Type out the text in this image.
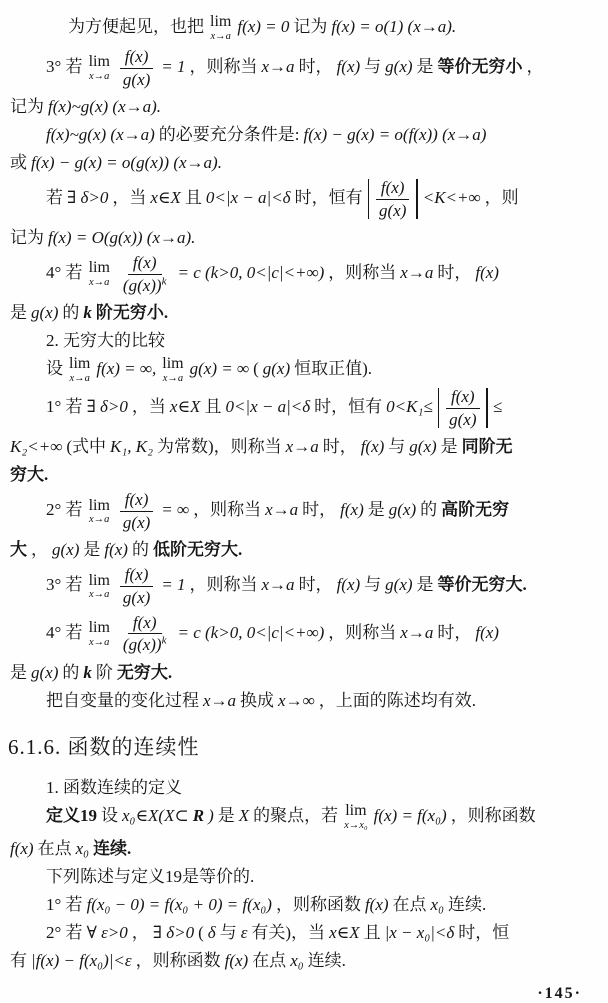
为方便起见，也把 lim
x→a
f(x) = 0 记为 f(x) = o(1) (x→a).
3° 若 lim
$x\to a \frac{f(x)}{g(x)} = 1$ ，则称当 x→a 时， f(x) 与 g(x) 是 等价无穷小 ，
记为 f(x)~g(x) (x→a).
f(x)~g(x) (x→a) 的必要充分条件是: f(x) − g(x) = o(f(x)) (x→a)
或 f(x) − g(x) = o(g(x)) (x→a).
若 ∃ δ>0 ，当 x∈X 且 0<|x − a|<δ 时，恒有 $\frac{f(x)}{g(x)} <K<+\infty$ ，则
记为 f(x) = O(g(x)) (x→a).
4° 若 lim
$x\to a \frac{f(x)}{(g(x))^k} = c$ (k>0, 0<|c|<+∞) ，则称当 x→a 时， f(x)
是 g(x) 的 k 阶无穷小.
2. 无穷大的比较
设 lim
x→a
f(x) = ∞, lim
x→a
g(x) = ∞ ( g(x) 恒取正值).
1° 若 ∃ δ>0 ，当 x∈X 且 0<|x − a|<δ 时，恒有 $0<K_1\le \frac{f(x)}{g(x)}$ ≤
K₂<+∞ (式中 K₁, K₂ 为常数)，则称当 x→a 时， f(x) 与 g(x) 是 同阶无
穷大.
2° 若 lim
$x\to a \frac{f(x)}{g(x)}$ = ∞ ，则称当 x→a 时， f(x) 是 g(x) 的 高阶无穷
大 ， g(x) 是 f(x) 的 低阶无穷大.
3° 若 lim
$x\to a \frac{f(x)}{g(x)} = 1$ ，则称当 x→a 时， f(x) 与 g(x) 是 等价无穷大.
4° 若 lim
$x\to a \frac{f(x)}{(g(x))^k} = c$ (k>0, 0<|c|<+∞) ，则称当 x→a 时， f(x)
是 g(x) 的 k 阶 无穷大.
把自变量的变化过程 x→a 换成 x→∞ ，上面的陈述均有效.
6.1.6. 函数的连续性
1. 函数连续的定义
定义19 设 x₀∈X(X⊂ R ) 是 X 的聚点，若 lim
x→x₀
f(x) = f(x₀) ，则称函数
f(x) 在点 x₀ 连续.
下列陈述与定义19是等价的.
1° 若 f(x₀ − 0) = f(x₀ + 0) = f(x₀) ，则称函数 f(x) 在点 x₀ 连续.
2° 若 ∀ ε>0 ， ∃ δ>0 ( δ 与 ε 有关)，当 x∈X 且 |x − x₀|<δ 时，恒
有 |f(x) − f(x₀)|<ε ，则称函数 f(x) 在点 x₀ 连续.
·145·
